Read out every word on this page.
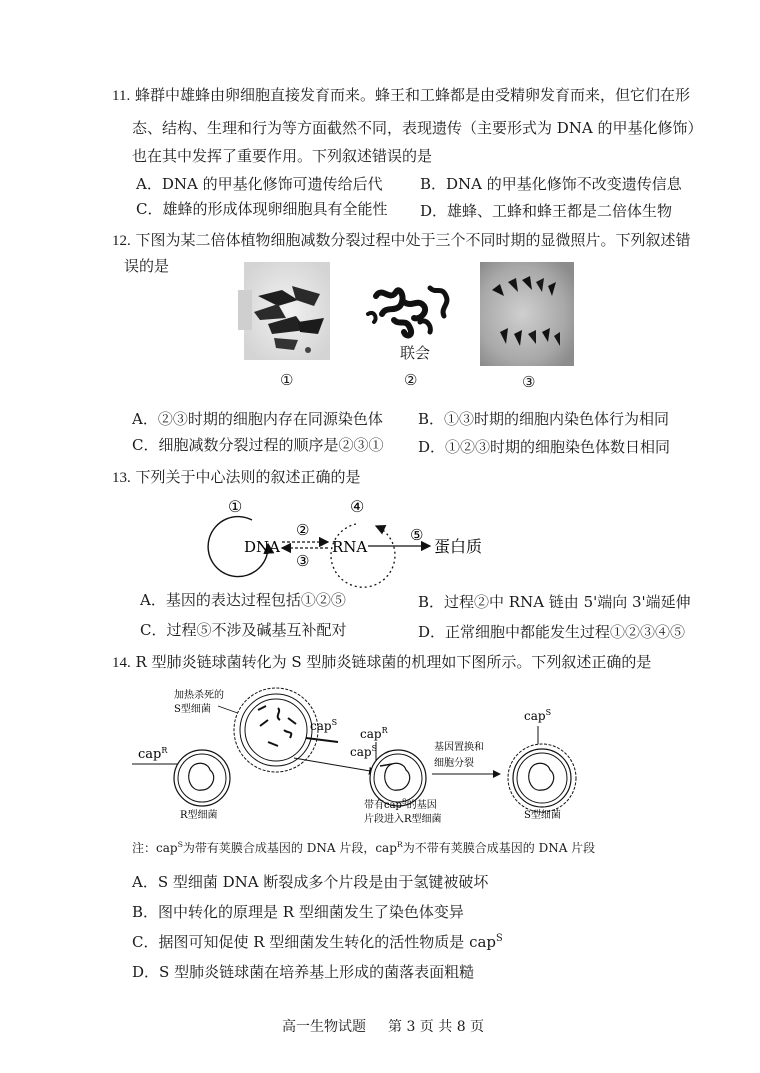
11. 蜂群中雄蜂由卵细胞直接发育而来。蜂王和工蜂都是由受精卵发育而来，但它们在形
态、结构、生理和行为等方面截然不同，表现遗传（主要形式为 DNA 的甲基化修饰）
也在其中发挥了重要作用。下列叙述错误的是
A．DNA 的甲基化修饰可遗传给后代 B．DNA 的甲基化修饰不改变遗传信息
C．雄蜂的形成体现卵细胞具有全能性 D．雄蜂、工蜂和蜂王都是二倍体生物
12. 下图为某二倍体植物细胞减数分裂过程中处于三个不同时期的显微照片。下列叙述错
误的是
联会
①	②	③
A．②③时期的细胞内存在同源染色体 B．①③时期的细胞内染色体行为相同
C．细胞减数分裂过程的顺序是②③① D．①②③时期的细胞染色体数日相同
13. 下列关于中心法则的叙述正确的是
①
DNA
②
③
④
RNA
⑤
蛋白质
A．基因的表达过程包括①②⑤	B．过程②中 RNA 链由 5'端向 3'端延伸
C．过程⑤不涉及碱基互补配对	D．正常细胞中都能发生过程①②③④⑤
14. R 型肺炎链球菌转化为 S 型肺炎链球菌的机理如下图所示。下列叙述正确的是
加热杀死的
S型细菌
cap$^S$
cap$^R$
R型细菌
cap$^R$
cap$^S$
带有cap$^S$的基因
片段进入R型细菌
基因置换和
细胞分裂
cap$^S$
S型细菌
注：cap$^S$为带有荚膜合成基因的 DNA 片段，cap$^R$为不带有荚膜合成基因的 DNA 片段
A．S 型细菌 DNA 断裂成多个片段是由于氢键被破坏
B．图中转化的原理是 R 型细菌发生了染色体变异
C．据图可知促使 R 型细菌发生转化的活性物质是 cap$^S$
D．S 型肺炎链球菌在培养基上形成的菌落表面粗糙
高一生物试题 第 3 页 共 8 页
